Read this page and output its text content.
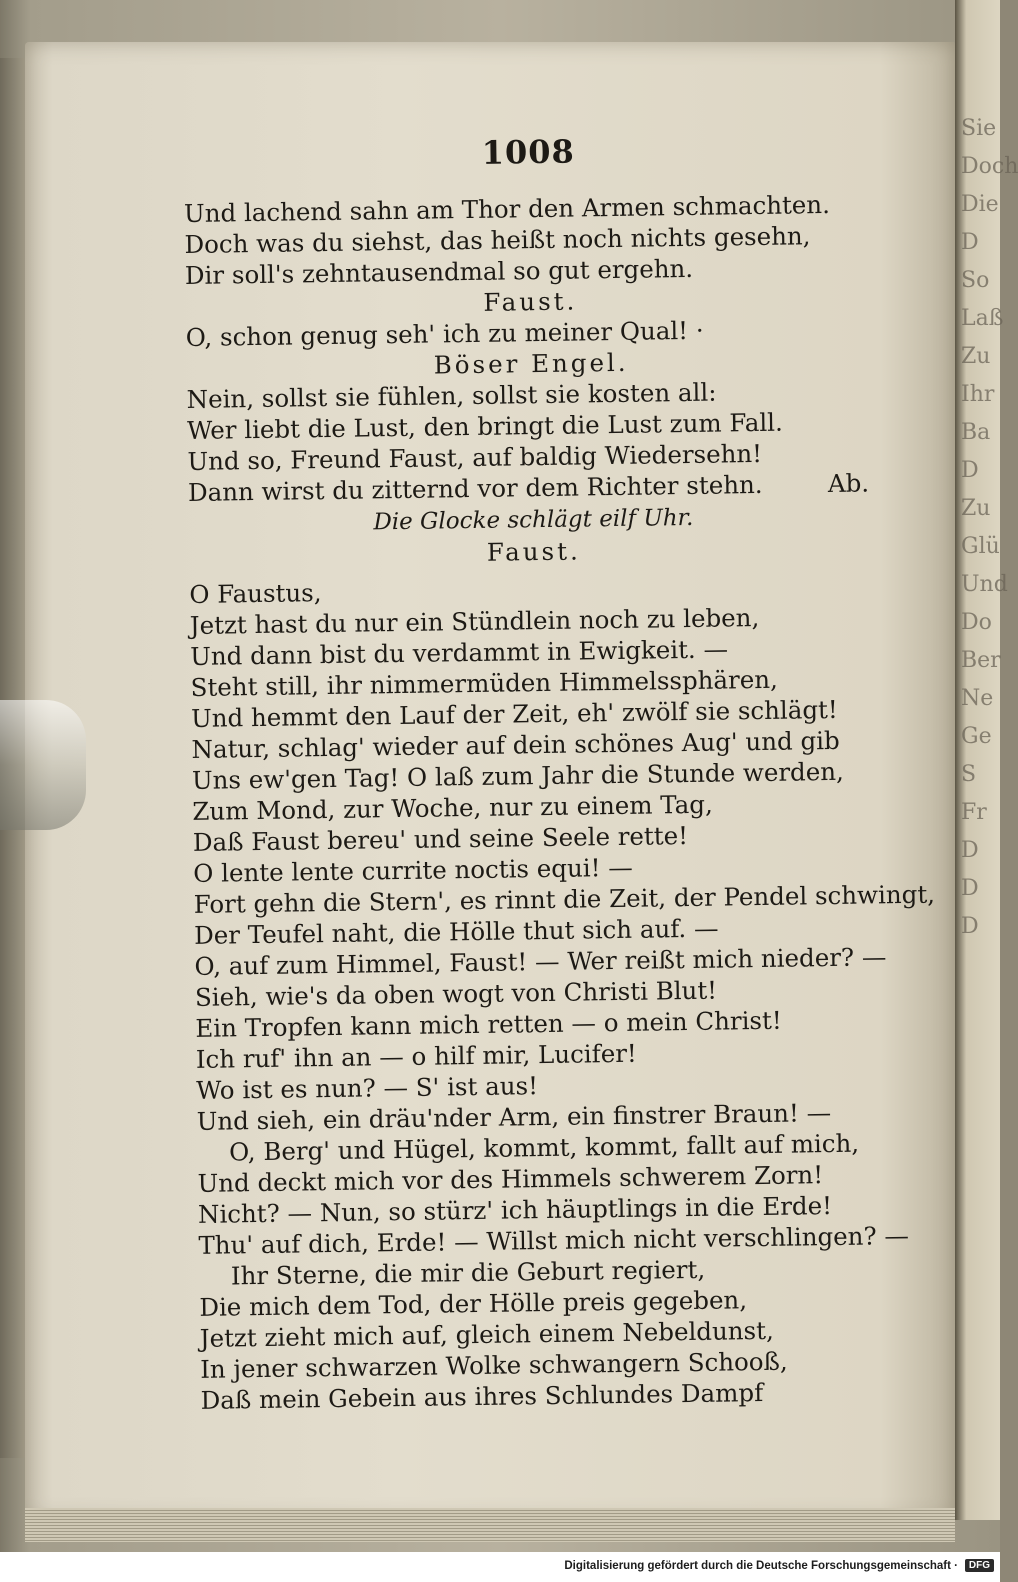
Sie
Doch
Die
D
So
Laß
Zu
Ihr
Ba
D
Zu
Glü
Und
Do
Ber
Ne
Ge
S
Fr
D
D
D
1008
Und lachend sahn am Thor den Armen schmachten.
Doch was du siehst, das heißt noch nichts gesehn,
Dir soll's zehntausendmal so gut ergehn.
Faust.
O, schon genug seh' ich zu meiner Qual! ·
Böser Engel.
Nein, sollst sie fühlen, sollst sie kosten all:
Wer liebt die Lust, den bringt die Lust zum Fall.
Und so, Freund Faust, auf baldig Wiedersehn!
Dann wirst du zitternd vor dem Richter stehn.	Ab.
Die Glocke schlägt eilf Uhr.
Faust.
O Faustus,
Jetzt hast du nur ein Stündlein noch zu leben,
Und dann bist du verdammt in Ewigkeit. —
Steht still, ihr nimmermüden Himmelssphären,
Und hemmt den Lauf der Zeit, eh' zwölf sie schlägt!
Natur, schlag' wieder auf dein schönes Aug' und gib
Uns ew'gen Tag! O laß zum Jahr die Stunde werden,
Zum Mond, zur Woche, nur zu einem Tag,
Daß Faust bereu' und seine Seele rette!
O lente lente currite noctis equi! —
Fort gehn die Stern', es rinnt die Zeit, der Pendel schwingt,
Der Teufel naht, die Hölle thut sich auf. —
O, auf zum Himmel, Faust! — Wer reißt mich nieder? —
Sieh, wie's da oben wogt von Christi Blut!
Ein Tropfen kann mich retten — o mein Christ!
Ich ruf' ihn an — o hilf mir, Lucifer!
Wo ist es nun? — S' ist aus!
Und sieh, ein dräu'nder Arm, ein finstrer Braun! —
O, Berg' und Hügel, kommt, kommt, fallt auf mich,
Und deckt mich vor des Himmels schwerem Zorn!
Nicht? — Nun, so stürz' ich häuptlings in die Erde!
Thu' auf dich, Erde! — Willst mich nicht verschlingen? —
Ihr Sterne, die mir die Geburt regiert,
Die mich dem Tod, der Hölle preis gegeben,
Jetzt zieht mich auf, gleich einem Nebeldunst,
In jener schwarzen Wolke schwangern Schooß,
Daß mein Gebein aus ihres Schlundes Dampf
Digitalisierung gefördert durch die Deutsche Forschungsgemeinschaft ·	DFG
